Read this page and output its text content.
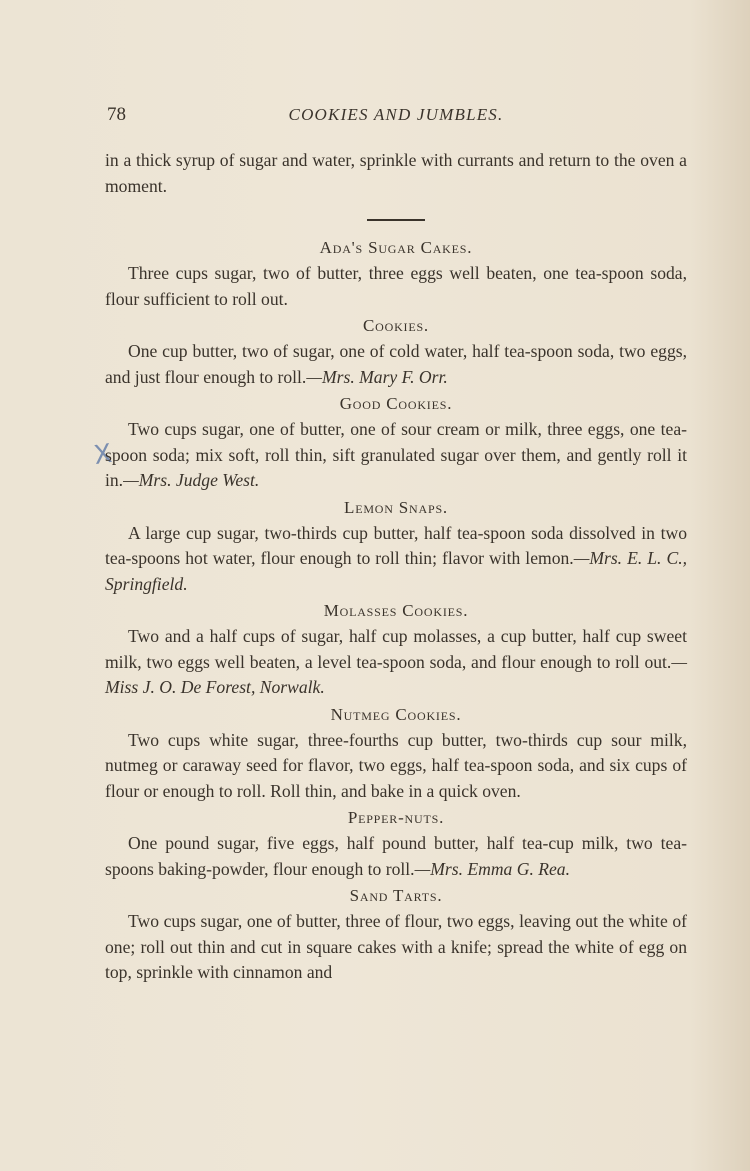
78	COOKIES AND JUMBLES.
X

in a thick syrup of sugar and water, sprinkle with currants and return to the oven a moment.

Ada's Sugar Cakes.

Three cups sugar, two of butter, three eggs well beaten, one tea-spoon soda, flour sufficient to roll out.

Cookies.

One cup butter, two of sugar, one of cold water, half tea-spoon soda, two eggs, and just flour enough to roll.—Mrs. Mary F. Orr.

Good Cookies.

Two cups sugar, one of butter, one of sour cream or milk, three eggs, one tea-spoon soda; mix soft, roll thin, sift granulated sugar over them, and gently roll it in.—Mrs. Judge West.

Lemon Snaps.

A large cup sugar, two-thirds cup butter, half tea-spoon soda dissolved in two tea-spoons hot water, flour enough to roll thin; flavor with lemon.—Mrs. E. L. C., Springfield.

Molasses Cookies.

Two and a half cups of sugar, half cup molasses, a cup butter, half cup sweet milk, two eggs well beaten, a level tea-spoon soda, and flour enough to roll out.—Miss J. O. De Forest, Norwalk.

Nutmeg Cookies.

Two cups white sugar, three-fourths cup butter, two-thirds cup sour milk, nutmeg or caraway seed for flavor, two eggs, half tea-spoon soda, and six cups of flour or enough to roll. Roll thin, and bake in a quick oven.

Pepper-nuts.

One pound sugar, five eggs, half pound butter, half tea-cup milk, two tea-spoons baking-powder, flour enough to roll.—Mrs. Emma G. Rea.

Sand Tarts.

Two cups sugar, one of butter, three of flour, two eggs, leaving out the white of one; roll out thin and cut in square cakes with a knife; spread the white of egg on top, sprinkle with cinnamon and
